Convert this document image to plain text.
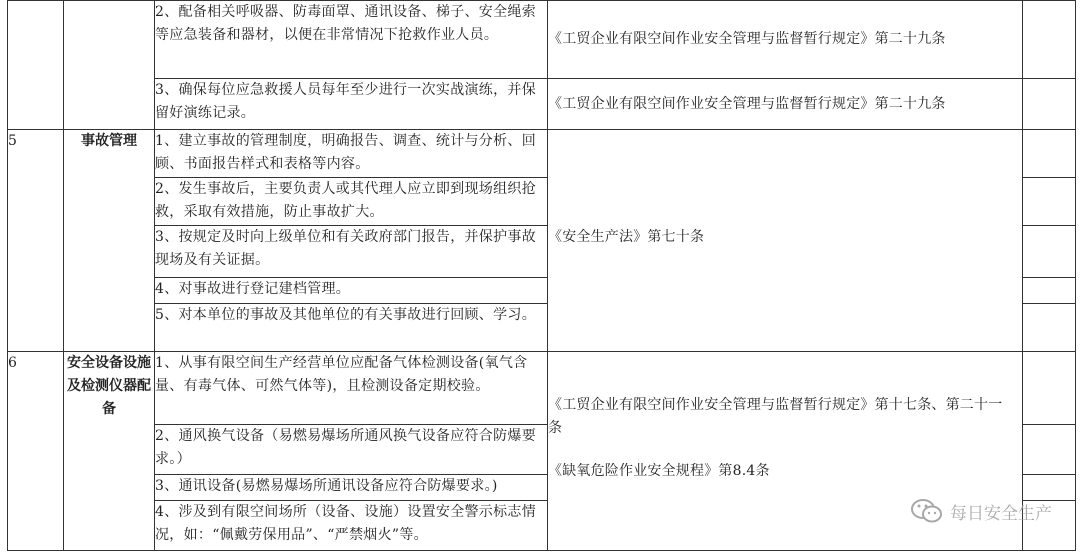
		2、配备相关呼吸器、防毒面罩、通讯设备、梯子、安全绳索等应急装备和器材，以便在非常情况下抢救作业人员。	《工贸企业有限空间作业安全管理与监督暂行规定》第二十九条	
		3、确保每位应急救援人员每年至少进行一次实战演练，并保留好演练记录。	《工贸企业有限空间作业安全管理与监督暂行规定》第二十九条	
5	事故管理	1、建立事故的管理制度，明确报告、调查、统计与分析、回顾、书面报告样式和表格等内容。	《安全生产法》第七十条	
		2、发生事故后，主要负责人或其代理人应立即到现场组织抢救，采取有效措施，防止事故扩大。		
		3、按规定及时向上级单位和有关政府部门报告，并保护事故现场及有关证据。		
		4、对事故进行登记建档管理。		
		5、对本单位的事故及其他单位的有关事故进行回顾、学习。		
6	安全设备设施及检测仪器配备	1、从事有限空间生产经营单位应配备气体检测设备(氧气含量、有毒气体、可然气体等)，且检测设备定期校验。	《工贸企业有限空间作业安全管理与监督暂行规定》第十七条、第二十一条
《缺氧危险作业安全规程》第8.4条	

		2、通风换气设备（易燃易爆场所通风换气设备应符合防爆要求。）		
		3、通讯设备(易燃易爆场所通讯设备应符合防爆要求。)		
		4、涉及到有限空间场所（设备、设施）设置安全警示标志情况，如：“佩戴劳保用品”、“严禁烟火”等。		
每日安全生产
